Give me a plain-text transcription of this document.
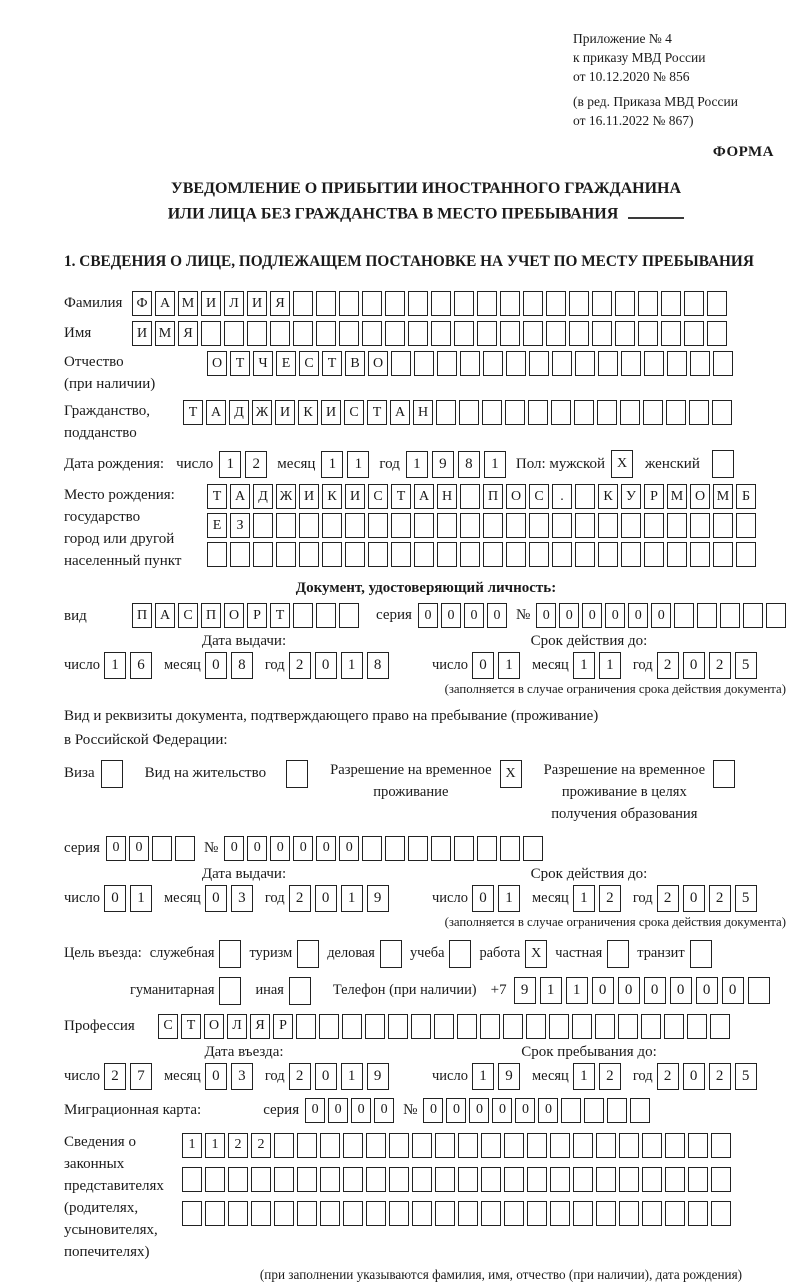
Приложение № 4
к приказу МВД России
от 10.12.2020 № 856
(в ред. Приказа МВД России
от 16.11.2022 № 867)
ФОРМА
УВЕДОМЛЕНИЕ О ПРИБЫТИИ ИНОСТРАННОГО ГРАЖДАНИНА
ИЛИ ЛИЦА БЕЗ ГРАЖДАНСТВА В МЕСТО ПРЕБЫВАНИЯ
1. СВЕДЕНИЯ О ЛИЦЕ, ПОДЛЕЖАЩЕМ ПОСТАНОВКЕ НА УЧЕТ ПО МЕСТУ ПРЕБЫВАНИЯ
Фамилия	Ф А М И Л И Я
Имя	И М Я
Отчество
(при наличии)
О Т	Ч	Е	С	Т	В О
Гражданство,
подданство
Т А Д Ж И К И С	Т А Н
Дата рождения: число 1	2	месяц 1	1	год 1	9	8	1	Пол: мужской X	женский
Место рождения:
государство
город или другой
населенный пункт
Т А Д Ж И К И С	Т А Н	П О С	.	К У	Р М О М Б
Е	З
Документ, удостоверяющий личность:
вид	П А С П О	Р	Т	серия 0	0	0	0	№ 0	0	0	0	0	0
Дата выдачи:	Срок действия до:
число 1	6	месяц 0	8	год 2	0	1	8	число 0	1	месяц 1	1	год 2	0	2	5
(заполняется в случае ограничения срока действия документа)
Вид и реквизиты документа, подтверждающего право на пребывание (проживание)
в Российской Федерации:
Виза	Вид на жительство	Разрешение на временное
проживание
X	Разрешение на временное
проживание в целях
получения образования
серия 0	0	№ 0	0	0	0	0	0
Дата выдачи:	Срок действия до:
число 0	1	месяц 0	3	год 2	0	1	9	число 0	1	месяц 1	2	год 2	0	2	5
(заполняется в случае ограничения срока действия документа)
Цель въезда: служебная туризм деловая учеба работа X частная транзит
гуманитарная	иная	Телефон (при наличии) +7 9	1	1	0	0	0	0	0	0
Профессия	С	Т О Л Я	Р
Дата въезда:	Срок пребывания до:
число 2	7	месяц 0	3	год 2	0	1	9	число 1	9	месяц 1	2	год 2	0	2	5
Миграционная карта:	серия 0	0	0	0	№ 0	0	0	0	0	0
Сведения о
законных
представителях
(родителях,
усыновителях,
попечителях)
1	1	2	2
(при заполнении указываются фамилия, имя, отчество (при наличии), дата рождения)
